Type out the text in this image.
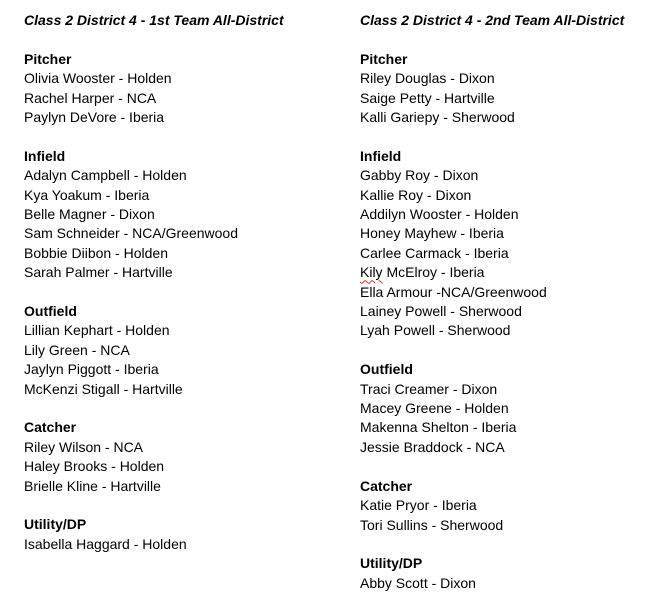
Class 2 District 4 - 1st Team All-District
Pitcher
Olivia Wooster - Holden
Rachel Harper - NCA
Paylyn DeVore - Iberia
Infield
Adalyn Campbell - Holden
Kya Yoakum - Iberia
Belle Magner - Dixon
Sam Schneider - NCA/Greenwood
Bobbie Diibon - Holden
Sarah Palmer - Hartville
Outfield
Lillian Kephart - Holden
Lily Green - NCA
Jaylyn Piggott - Iberia
McKenzi Stigall - Hartville
Catcher
Riley Wilson - NCA
Haley Brooks - Holden
Brielle Kline - Hartville
Utility/DP
Isabella Haggard - Holden
Class 2 District 4 - 2nd Team All-District
Pitcher
Riley Douglas - Dixon
Saige Petty - Hartville
Kalli Gariepy - Sherwood
Infield
Gabby Roy - Dixon
Kallie Roy - Dixon
Addilyn Wooster - Holden
Honey Mayhew - Iberia
Carlee Carmack - Iberia
Kily McElroy - Iberia
Ella Armour -NCA/Greenwood
Lainey Powell - Sherwood
Lyah Powell - Sherwood
Outfield
Traci Creamer - Dixon
Macey Greene - Holden
Makenna Shelton - Iberia
Jessie Braddock - NCA
Catcher
Katie Pryor - Iberia
Tori Sullins - Sherwood
Utility/DP
Abby Scott - Dixon
